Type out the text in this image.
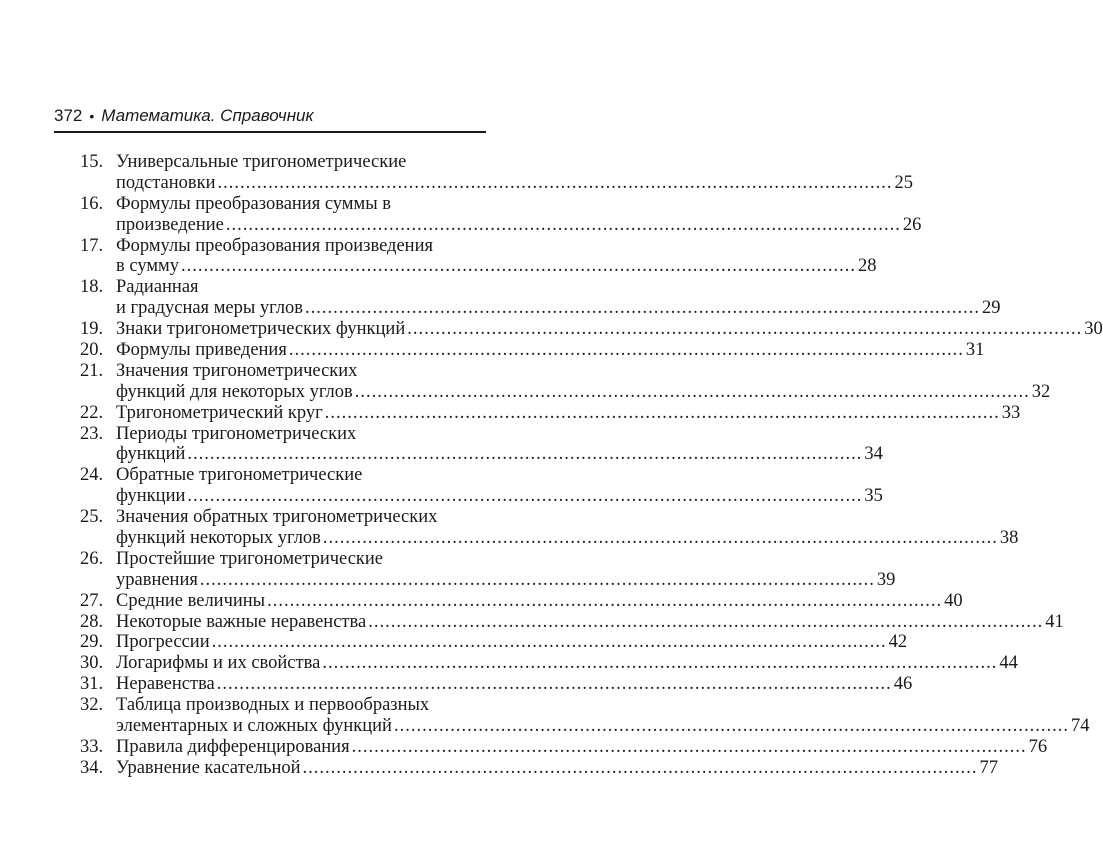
372 • Математика. Справочник
15. Универсальные тригонометрические
подстановки ........................................................................................................................ 25
16. Формулы преобразования суммы в
произведение ........................................................................................................................ 26
17. Формулы преобразования произведения
в сумму ........................................................................................................................ 28
18. Радианная
и градусная меры углов ........................................................................................................................ 29
19. Знаки тригонометрических функций ........................................................................................................................ 30
20. Формулы приведения ........................................................................................................................ 31
21. Значения тригонометрических
функций для некоторых углов ........................................................................................................................ 32
22. Тригонометрический круг ........................................................................................................................ 33
23. Периоды тригонометрических
функций ........................................................................................................................ 34
24. Обратные тригонометрические
функции ........................................................................................................................ 35
25. Значения обратных тригонометрических
функций некоторых углов ........................................................................................................................ 38
26. Простейшие тригонометрические
уравнения ........................................................................................................................ 39
27. Средние величины ........................................................................................................................ 40
28. Некоторые важные неравенства ........................................................................................................................ 41
29. Прогрессии ........................................................................................................................ 42
30. Логарифмы и их свойства ........................................................................................................................ 44
31. Неравенства ........................................................................................................................ 46
32. Таблица производных и первообразных
элементарных и сложных функций ........................................................................................................................ 74
33. Правила дифференцирования ........................................................................................................................ 76
34. Уравнение касательной ........................................................................................................................ 77
